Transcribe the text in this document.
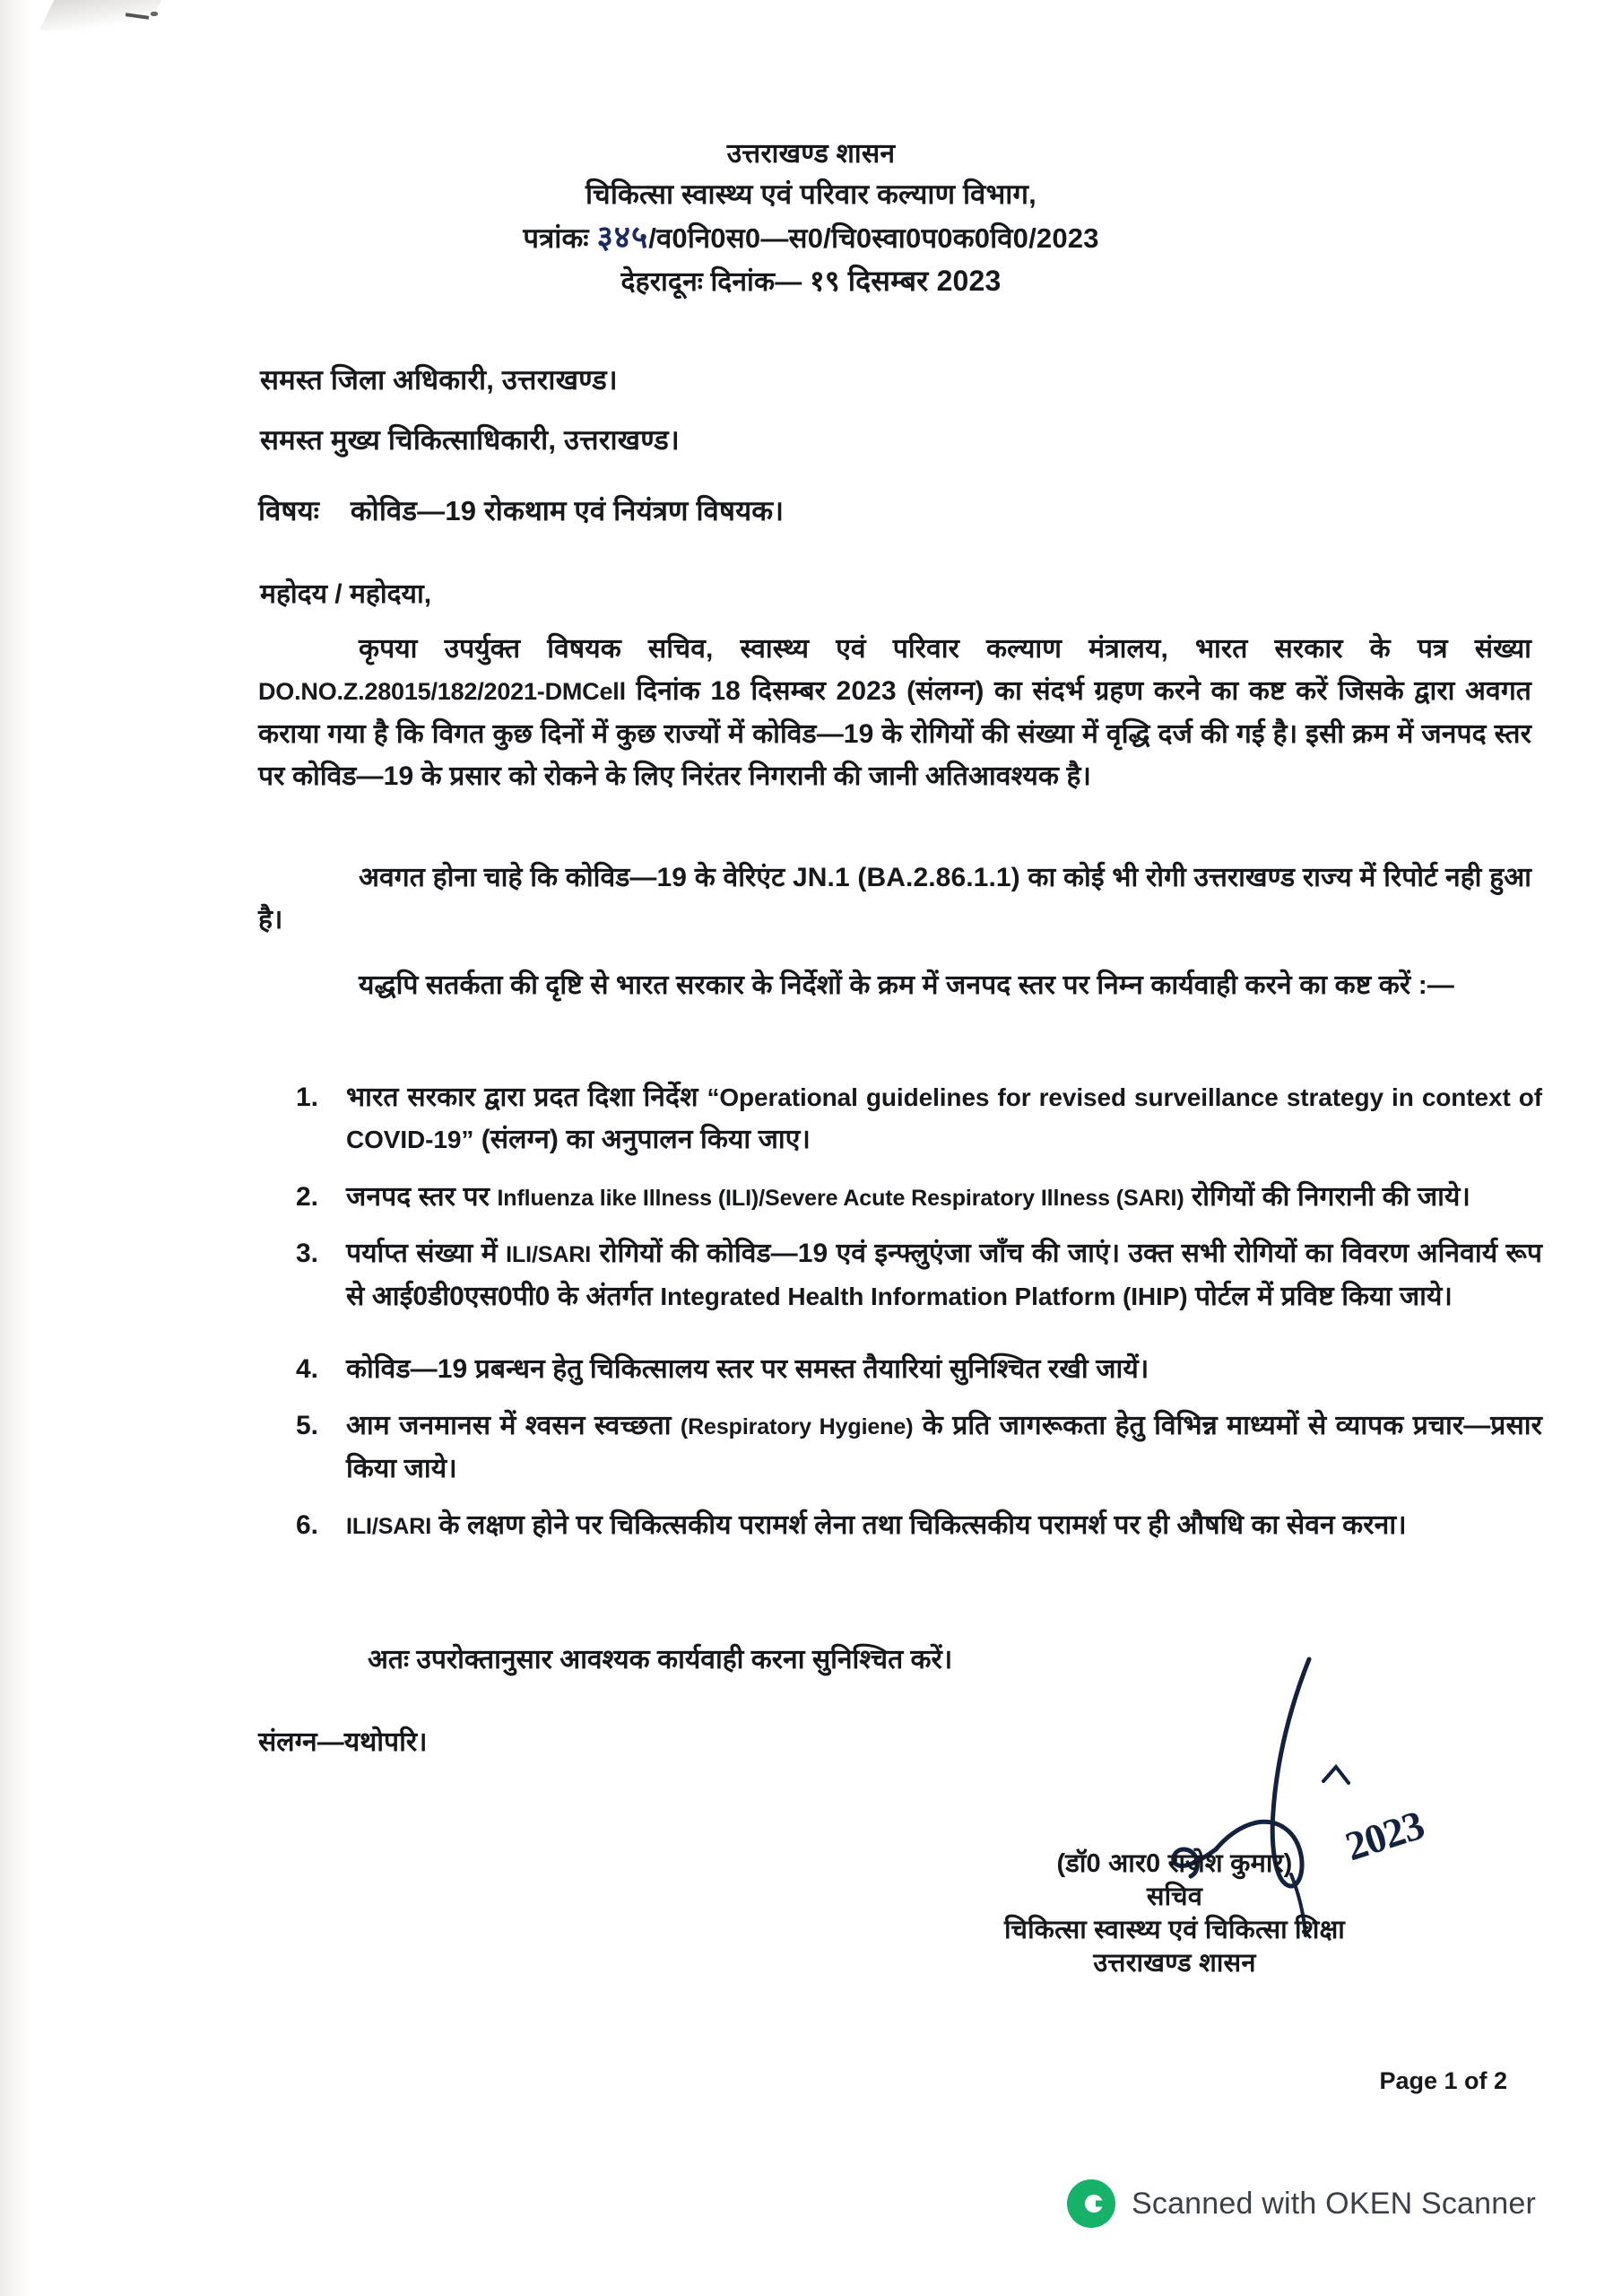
उत्तराखण्ड शासन
चिकित्सा स्वास्थ्य एवं परिवार कल्याण विभाग,
पत्रांकः ३४५/व0नि0स0—स0/चि0स्वा0प0क0वि0/2023
देहरादूनः दिनांक— १९ दिसम्बर 2023
समस्त जिला अधिकारी, उत्तराखण्ड।
समस्त मुख्य चिकित्साधिकारी, उत्तराखण्ड।
विषयः कोविड—19 रोकथाम एवं नियंत्रण विषयक।
महोदय / महोदया,
कृपया उपर्युक्त विषयक सचिव, स्वास्थ्य एवं परिवार कल्याण मंत्रालय, भारत सरकार के पत्र संख्या DO.NO.Z.28015/182/2021-DMCell दिनांक 18 दिसम्बर 2023 (संलग्न) का संदर्भ ग्रहण करने का कष्ट करें जिसके द्वारा अवगत कराया गया है कि विगत कुछ दिनों में कुछ राज्यों में कोविड—19 के रोगियों की संख्या में वृद्धि दर्ज की गई है। इसी क्रम में जनपद स्तर पर कोविड—19 के प्रसार को रोकने के लिए निरंतर निगरानी की जानी अतिआवश्यक है।
अवगत होना चाहे कि कोविड—19 के वेरिएंट JN.1 (BA.2.86.1.1) का कोई भी रोगी उत्तराखण्ड राज्य में रिपोर्ट नही हुआ है।
यद्धपि सतर्कता की दृष्टि से भारत सरकार के निर्देशों के क्रम में जनपद स्तर पर निम्न कार्यवाही करने का कष्ट करें :—
1.	भारत सरकार द्वारा प्रदत दिशा निर्देश “Operational guidelines for revised surveillance strategy in context of COVID-19” (संलग्न) का अनुपालन किया जाए।
2.	जनपद स्तर पर Influenza like Illness (ILI)/Severe Acute Respiratory Illness (SARI) रोगियों की निगरानी की जाये।
3.	पर्याप्त संख्या में ILI/SARI रोगियों की कोविड—19 एवं इन्फ्लुएंजा जाँच की जाएं। उक्त सभी रोगियों का विवरण अनिवार्य रूप से आई0डी0एस0पी0 के अंतर्गत Integrated Health Information Platform (IHIP) पोर्टल में प्रविष्ट किया जाये।
4.	कोविड—19 प्रबन्धन हेतु चिकित्सालय स्तर पर समस्त तैयारियां सुनिश्चित रखी जायें।
5.	आम जनमानस में श्वसन स्वच्छता (Respiratory Hygiene) के प्रति जागरूकता हेतु विभिन्न माध्यमों से व्यापक प्रचार—प्रसार किया जाये।
6.	ILI/SARI के लक्षण होने पर चिकित्सकीय परामर्श लेना तथा चिकित्सकीय परामर्श पर ही औषधि का सेवन करना।
अतः उपरोक्तानुसार आवश्यक कार्यवाही करना सुनिश्चित करें।
संलग्न—यथोपरि।
2023
(डॉ0 आर0 राजेश कुमार)
सचिव
चिकित्सा स्वास्थ्य एवं चिकित्सा शिक्षा
उत्तराखण्ड शासन
Page 1 of 2
Scanned with OKEN Scanner
